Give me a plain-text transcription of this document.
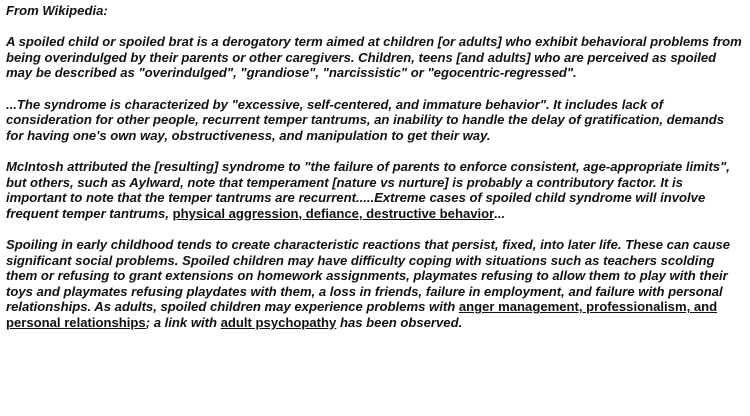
From Wikipedia:

A spoiled child or spoiled brat is a derogatory term aimed at children [or adults] who exhibit behavioral problems from being overindulged by their parents or other caregivers. Children, teens [and adults] who are perceived as spoiled may be described as "overindulged", "grandiose", "narcissistic" or "egocentric-regressed".

...The syndrome is characterized by "excessive, self-centered, and immature behavior". It includes lack of consideration for other people, recurrent temper tantrums, an inability to handle the delay of gratification, demands for having one's own way, obstructiveness, and manipulation to get their way.

McIntosh attributed the [resulting] syndrome to "the failure of parents to enforce consistent, age-appropriate limits", but others, such as Aylward, note that temperament [nature vs nurture] is probably a contributory factor. It is important to note that the temper tantrums are recurrent.....Extreme cases of spoiled child syndrome will involve frequent temper tantrums, physical aggression, defiance, destructive behavior...

Spoiling in early childhood tends to create characteristic reactions that persist, fixed, into later life. These can cause significant social problems. Spoiled children may have difficulty coping with situations such as teachers scolding them or refusing to grant extensions on homework assignments, playmates refusing to allow them to play with their toys and playmates refusing playdates with them, a loss in friends, failure in employment, and failure with personal relationships. As adults, spoiled children may experience problems with anger management, professionalism, and personal relationships; a link with adult psychopathy has been observed.
